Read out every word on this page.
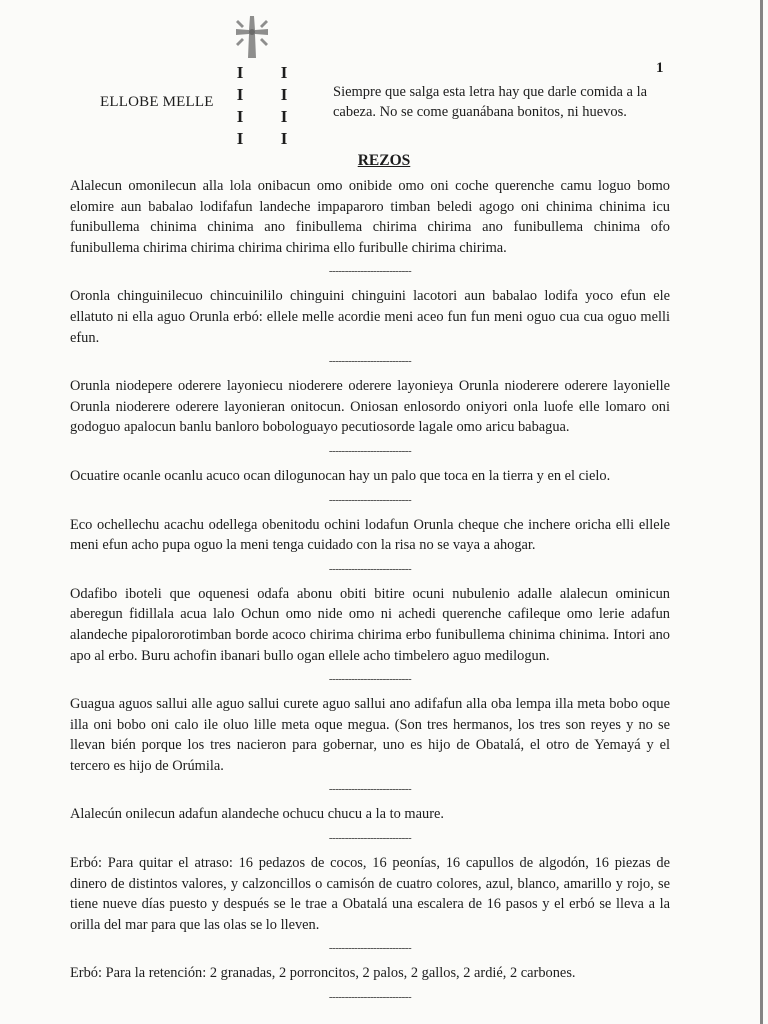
1
ELLOBE MELLE
I
I
I
I
I
I
I
I
Siempre que salga esta letra hay que darle comida a la cabeza. No se come guanábana bonitos, ni huevos.
REZOS

Alalecun omonilecun alla lola onibacun omo onibide omo oni coche querenche camu loguo bomo elomire aun babalao lodifafun landeche impaparoro timban beledi agogo oni chinima chinima icu funibullema chinima chinima ano finibullema chirima chirima ano funibullema chinima ofo funibullema chirima chirima chirima chirima ello furibulle chirima chirima.

--------------------------

Oronla chinguinilecuo chincuinililo chinguini chinguini lacotori aun babalao lodifa yoco efun ele ellatuto ni ella aguo Orunla erbó: ellele melle acordie meni aceo fun fun meni oguo cua cua oguo melli efun.

--------------------------

Orunla niodepere oderere layoniecu nioderere oderere layonieya Orunla nioderere oderere layonielle Orunla nioderere oderere layonieran onitocun. Oniosan enlosordo oniyori onla luofe elle lomaro oni godoguo apalocun banlu banloro bobologuayo pecutiosorde lagale omo aricu babagua.

--------------------------

Ocuatire ocanle ocanlu acuco ocan dilogunocan hay un palo que toca en la tierra y en el cielo.

--------------------------

Eco ochellechu acachu odellega obenitodu ochini lodafun Orunla cheque che inchere oricha elli ellele meni efun acho pupa oguo la meni tenga cuidado con la risa no se vaya a ahogar.

--------------------------

Odafibo iboteli que oquenesi odafa abonu obiti bitire ocuni nubulenio adalle alalecun ominicun aberegun fidillala acua lalo Ochun omo nide omo ni achedi querenche cafileque omo lerie adafun alandeche pipalororotimban borde acoco chirima chirima erbo funibullema chinima chinima. Intori ano apo al erbo. Buru achofin ibanari bullo ogan ellele acho timbelero aguo medilogun.

--------------------------

Guagua aguos sallui alle aguo sallui curete aguo sallui ano adifafun alla oba lempa illa meta bobo oque illa oni bobo oni calo ile oluo lille meta oque megua. (Son tres hermanos, los tres son reyes y no se llevan bién porque los tres nacieron para gobernar, uno es hijo de Obatalá, el otro de Yemayá y el tercero es hijo de Orúmila.

--------------------------

Alalecún onilecun adafun alandeche ochucu chucu a la to maure.

--------------------------

Erbó: Para quitar el atraso: 16 pedazos de cocos, 16 peonías, 16 capullos de algodón, 16 piezas de dinero de distintos valores, y calzoncillos o camisón de cuatro colores, azul, blanco, amarillo y rojo, se tiene nueve días puesto y después se le trae a Obatalá una escalera de 16 pasos y el erbó se lleva a la orilla del mar para que las olas se lo lleven.

--------------------------

Erbó: Para la retención: 2 granadas, 2 porroncitos, 2 palos, 2 gallos, 2 ardié, 2 carbones.

--------------------------
